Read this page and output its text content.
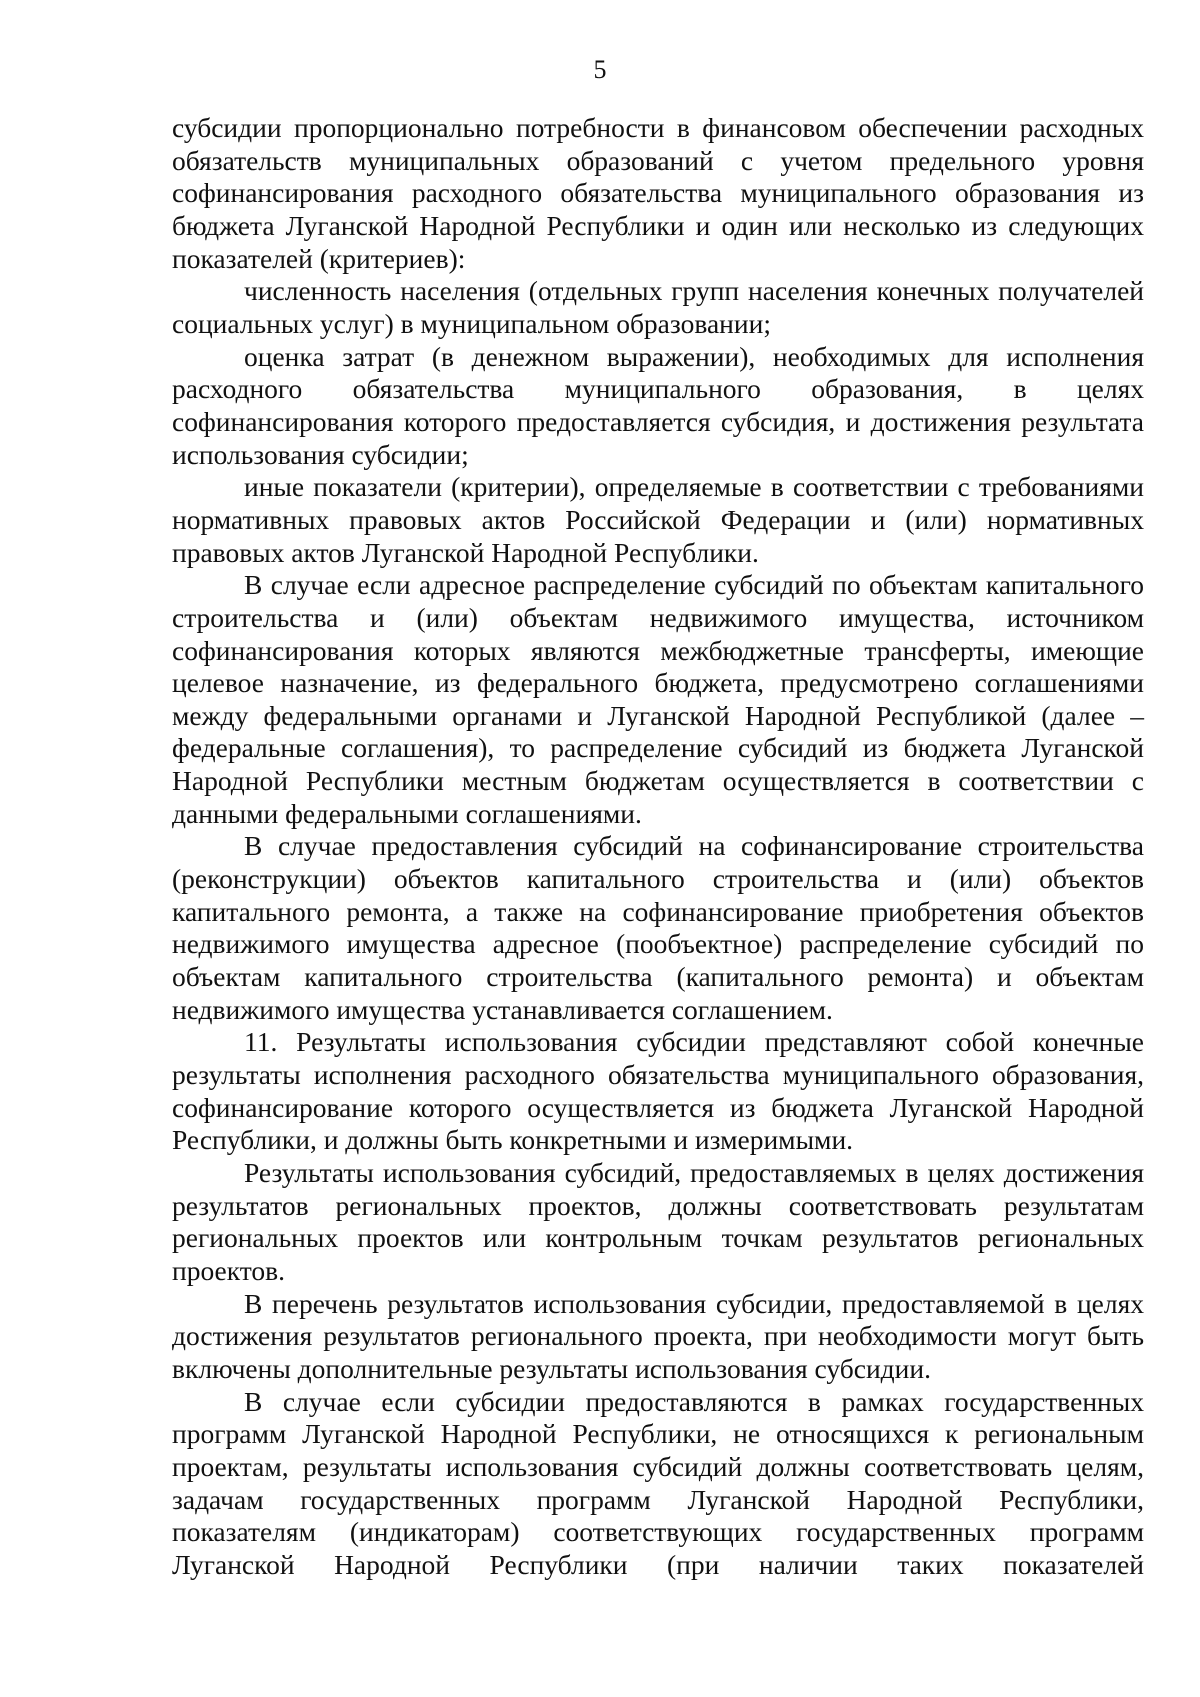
5

субсидии пропорционально потребности в финансовом обеспечении расходных обязательств муниципальных образований с учетом предельного уровня софинансирования расходного обязательства муниципального образования из бюджета Луганской Народной Республики и один или несколько из следующих показателей (критериев):

численность населения (отдельных групп населения конечных получателей социальных услуг) в муниципальном образовании;

оценка затрат (в денежном выражении), необходимых для исполнения расходного обязательства муниципального образования, в целях софинансирования которого предоставляется субсидия, и достижения результата использования субсидии;

иные показатели (критерии), определяемые в соответствии с требованиями нормативных правовых актов Российской Федерации и (или) нормативных правовых актов Луганской Народной Республики.

В случае если адресное распределение субсидий по объектам капитального строительства и (или) объектам недвижимого имущества, источником софинансирования которых являются межбюджетные трансферты, имеющие целевое назначение, из федерального бюджета, предусмотрено соглашениями между федеральными органами и Луганской Народной Республикой (далее – федеральные соглашения), то распределение субсидий из бюджета Луганской Народной Республики местным бюджетам осуществляется в соответствии с данными федеральными соглашениями.

В случае предоставления субсидий на софинансирование строительства (реконструкции) объектов капитального строительства и (или) объектов капитального ремонта, а также на софинансирование приобретения объектов недвижимого имущества адресное (пообъектное) распределение субсидий по объектам капитального строительства (капитального ремонта) и объектам недвижимого имущества устанавливается соглашением.

11. Результаты использования субсидии представляют собой конечные результаты исполнения расходного обязательства муниципального образования, софинансирование которого осуществляется из бюджета Луганской Народной Республики, и должны быть конкретными и измеримыми.

Результаты использования субсидий, предоставляемых в целях достижения результатов региональных проектов, должны соответствовать результатам региональных проектов или контрольным точкам результатов региональных проектов.

В перечень результатов использования субсидии, предоставляемой в целях достижения результатов регионального проекта, при необходимости могут быть включены дополнительные результаты использования субсидии.

В случае если субсидии предоставляются в рамках государственных программ Луганской Народной Республики, не относящихся к региональным проектам, результаты использования субсидий должны соответствовать целям, задачам государственных программ Луганской Народной Республики, показателям (индикаторам) соответствующих государственных программ Луганской Народной Республики (при наличии таких показателей
